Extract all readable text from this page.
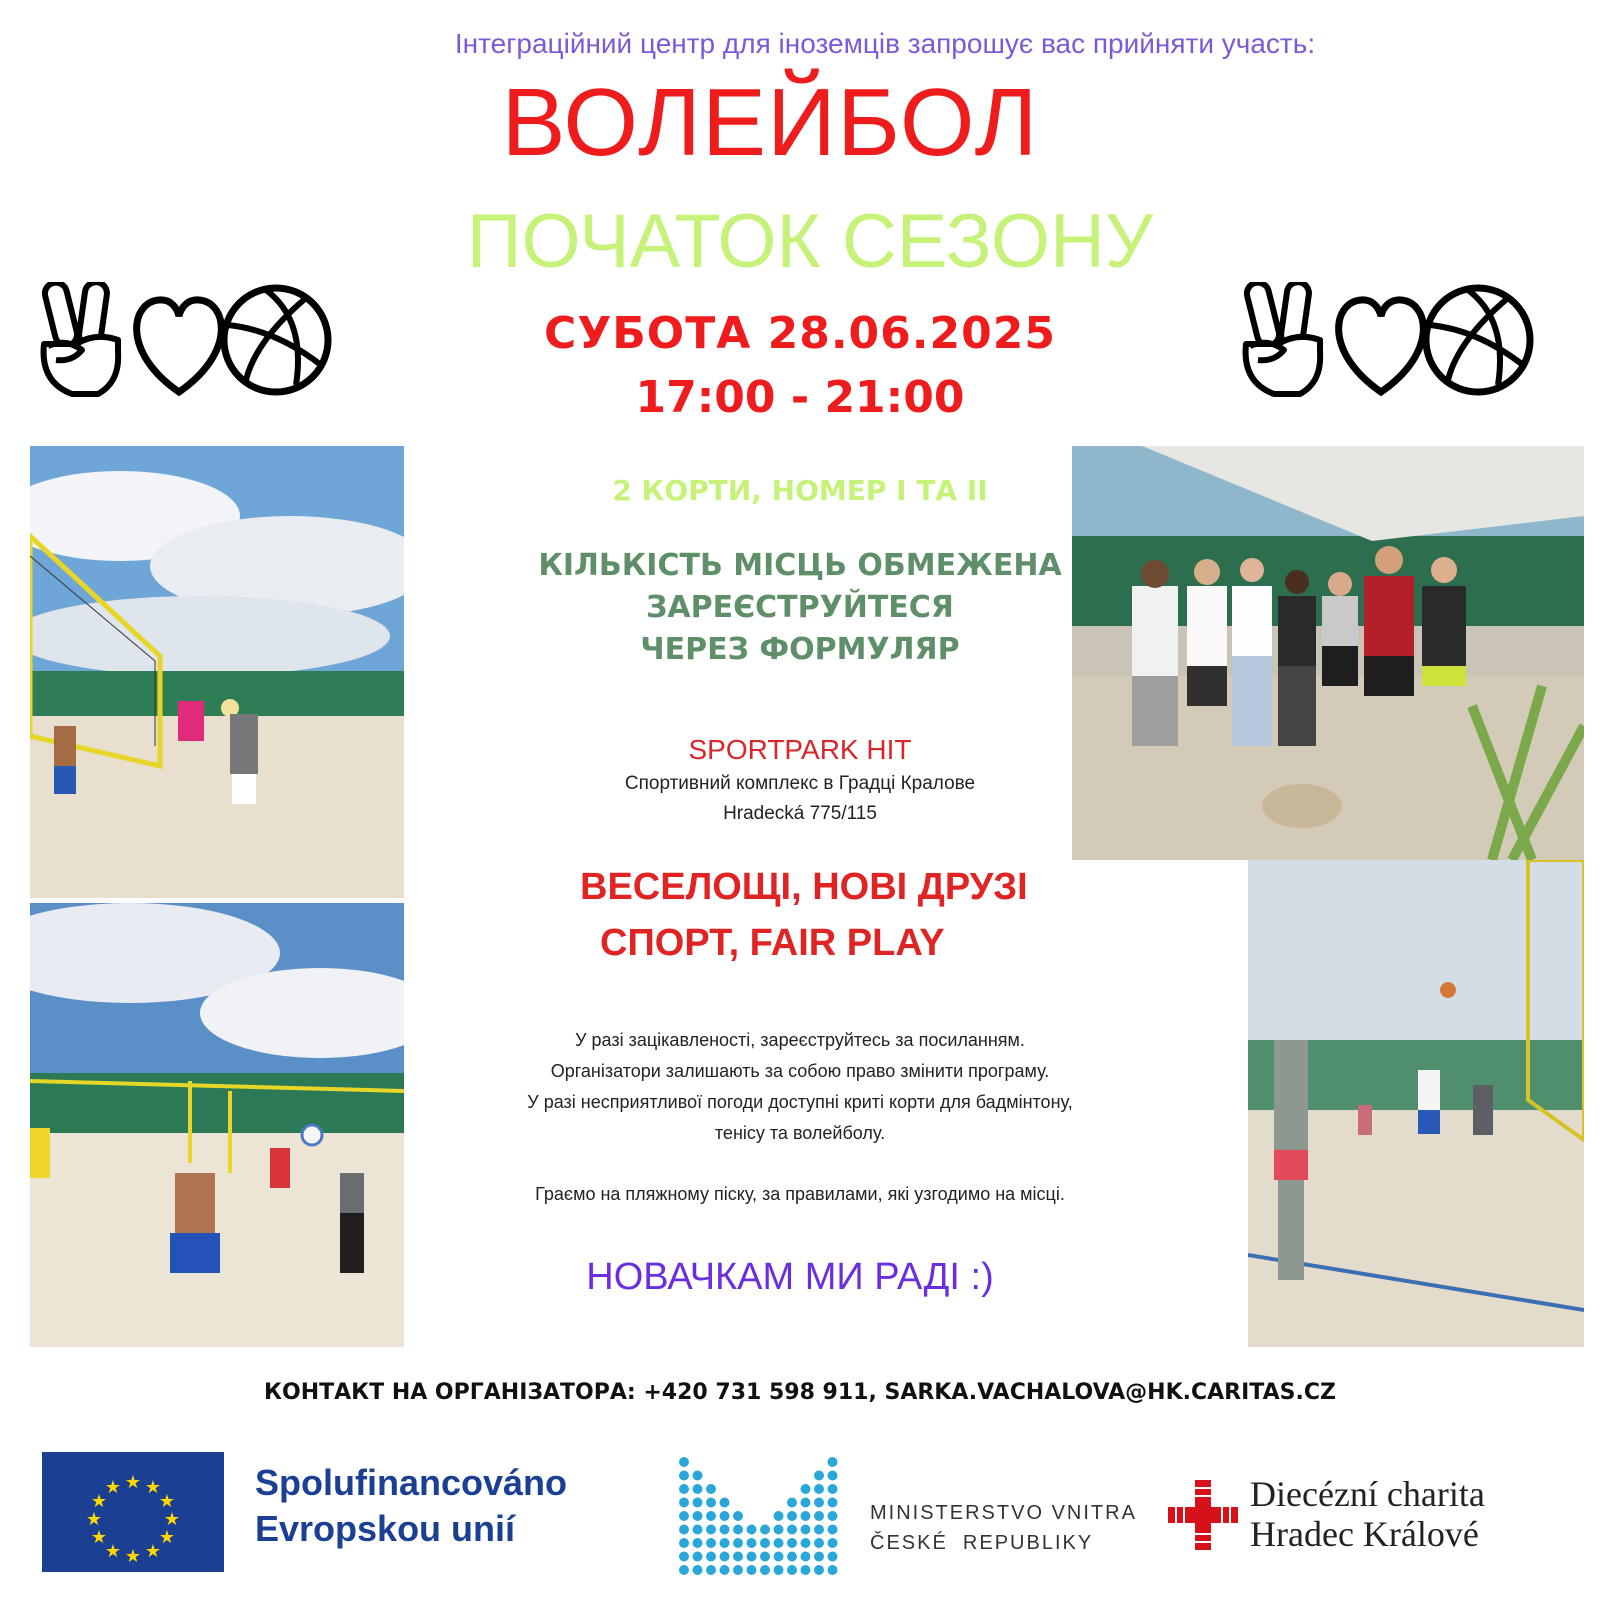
Інтеграційний центр для іноземців запрошує вас прийняти участь:
ВОЛЕЙБОЛ
ПОЧАТОК СЕЗОНУ
СУБОТА 28.06.2025
17:00 - 21:00
2 КОРТИ, НОМЕР І ТА ІІ
КІЛЬКІСТЬ МІСЦЬ ОБМЕЖЕНА
ЗАРЕЄСТРУЙТЕСЯ
ЧЕРЕЗ ФОРМУЛЯР
SPORTPARK HIT
Спортивний комплекс в Градці Кралове
Hradecká 775/115
ВЕСЕЛОЩІ, НОВІ ДРУЗІ
СПОРТ, FAIR PLAY
У разі зацікавленості, зареєструйтесь за посиланням.
Організатори залишають за собою право змінити програму.
У разі несприятливої погоди доступні криті корти для бадмінтону,
тенісу та волейболу.
Граємо на пляжному піску, за правилами, які узгодимо на місці.
НОВАЧКАМ МИ РАДІ :)
КОНТАКТ НА ОРГАНІЗАТОРА: +420 731 598 911, SARKA.VACHALOVA@HK.CARITAS.CZ
★ ★
★
★
★
★
★
★
★
★
★
★	Spolufinancováno
Evropskou unií	MINISTERSTVO VNITRA
ČESKÉ  REPUBLIKY
Diecézní charita
Hradec Králové
